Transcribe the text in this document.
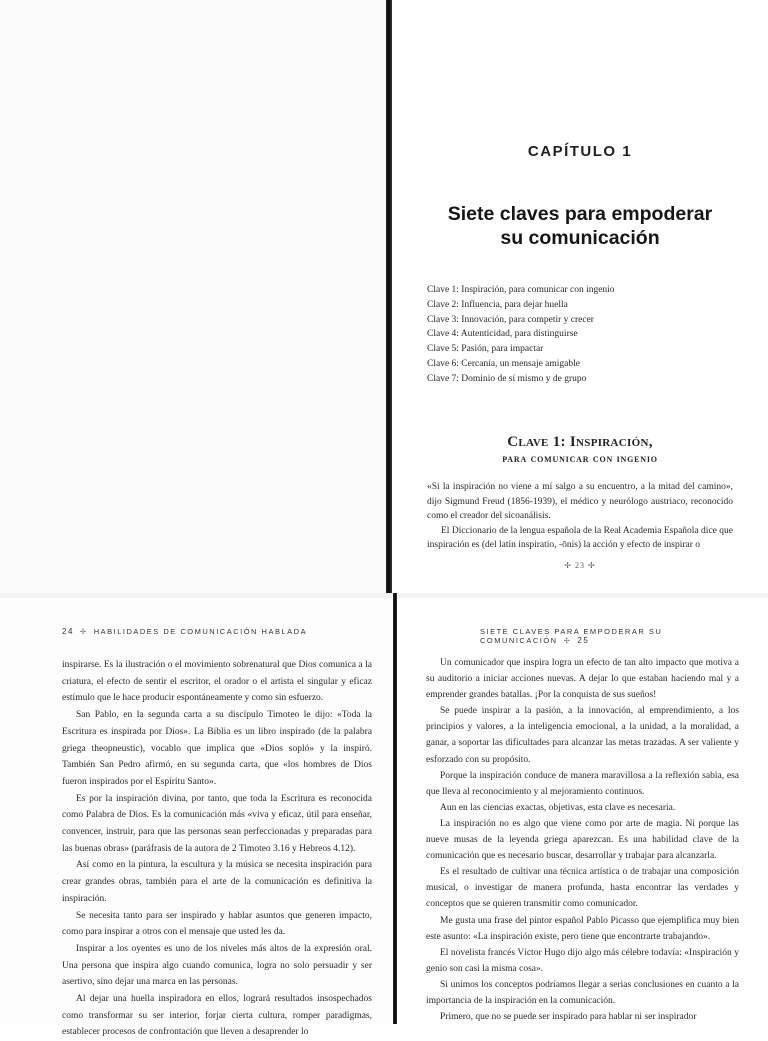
CAPÍTULO 1
Siete claves para empoderar
su comunicación
Clave 1: Inspiración, para comunicar con ingenio
Clave 2: Influencia, para dejar huella
Clave 3: Innovación, para competir y crecer
Clave 4: Autenticidad, para distinguirse
Clave 5: Pasión, para impactar
Clave 6: Cercanía, un mensaje amigable
Clave 7: Dominio de sí mismo y de grupo
Clave 1: Inspiración,
para comunicar con ingenio

«Si la inspiración no viene a mí salgo a su encuentro, a la mitad del camino», dijo Sigmund Freud (1856-1939), el médico y neurólogo austriaco, reconocido como el creador del sicoanálisis.

El Diccionario de la lengua española de la Real Academia Española dice que inspiración es (del latín inspiratio, -ōnis) la acción y efecto de inspirar o

✢ 23 ✢
24 ✢ HABILIDADES DE COMUNICACIÓN HABLADA

inspirarse. Es la ilustración o el movimiento sobrenatural que Dios comunica a la criatura, el efecto de sentir el escritor, el orador o el artista el singular y eficaz estímulo que le hace producir espontáneamente y como sin esfuerzo.

San Pablo, en la segunda carta a su discípulo Timoteo le dijo: «Toda la Escritura es inspirada por Dios». La Biblia es un libro inspirado (de la palabra griega theopneustic), vocablo que implica que «Dios sopló» y la inspiró. También San Pedro afirmó, en su segunda carta, que «los hombres de Dios fueron inspirados por el Espíritu Santo».

Es por la inspiración divina, por tanto, que toda la Escritura es reconocida como Palabra de Dios. Es la comunicación más «viva y eficaz, útil para enseñar, convencer, instruir, para que las personas sean perfeccionadas y preparadas para las buenas obras» (paráfrasis de la autora de 2 Timoteo 3.16 y Hebreos 4.12).

Así como en la pintura, la escultura y la música se necesita inspiración para crear grandes obras, también para el arte de la comunicación es definitiva la inspiración.

Se necesita tanto para ser inspirado y hablar asuntos que generen impacto, como para inspirar a otros con el mensaje que usted les da.

Inspirar a los oyentes es uno de los niveles más altos de la expresión oral. Una persona que inspira algo cuando comunica, logra no solo persuadir y ser asertivo, sino dejar una marca en las personas.

Al dejar una huella inspiradora en ellos, logrará resultados insospechados como transformar su ser interior, forjar cierta cultura, romper paradigmas, establecer procesos de confrontación que lleven a desaprender lo

SIETE CLAVES PARA EMPODERAR SU COMUNICACIÓN ✢ 25

Un comunicador que inspira logra un efecto de tan alto impacto que motiva a su auditorio a iniciar acciones nuevas. A dejar lo que estaban haciendo mal y a emprender grandes batallas. ¡Por la conquista de sus sueños!

Se puede inspirar a la pasión, a la innovación, al emprendimiento, a los principios y valores, a la inteligencia emocional, a la unidad, a la moralidad, a ganar, a soportar las dificultades para alcanzar las metas trazadas. A ser valiente y esforzado con su propósito.

Porque la inspiración conduce de manera maravillosa a la reflexión sabia, esa que lleva al reconocimiento y al mejoramiento continuos.

Aun en las ciencias exactas, objetivas, esta clave es necesaria.

La inspiración no es algo que viene como por arte de magia. Ni porque las nueve musas de la leyenda griega aparezcan. Es una habilidad clave de la comunicación que es necesario buscar, desarrollar y trabajar para alcanzarla.

Es el resultado de cultivar una técnica artística o de trabajar una composición musical, o investigar de manera profunda, hasta encontrar las verdades y conceptos que se quieren transmitir como comunicador.

Me gusta una frase del pintor español Pablo Picasso que ejemplifica muy bien este asunto: «La inspiración existe, pero tiene que encontrarte trabajando».

El novelista francés Víctor Hugo dijo algo más célebre todavía: «Inspiración y genio son casi la misma cosa».

Si unimos los conceptos podríamos llegar a serias conclusiones en cuanto a la importancia de la inspiración en la comunicación.

Primero, que no se puede ser inspirado para hablar ni ser inspirador
